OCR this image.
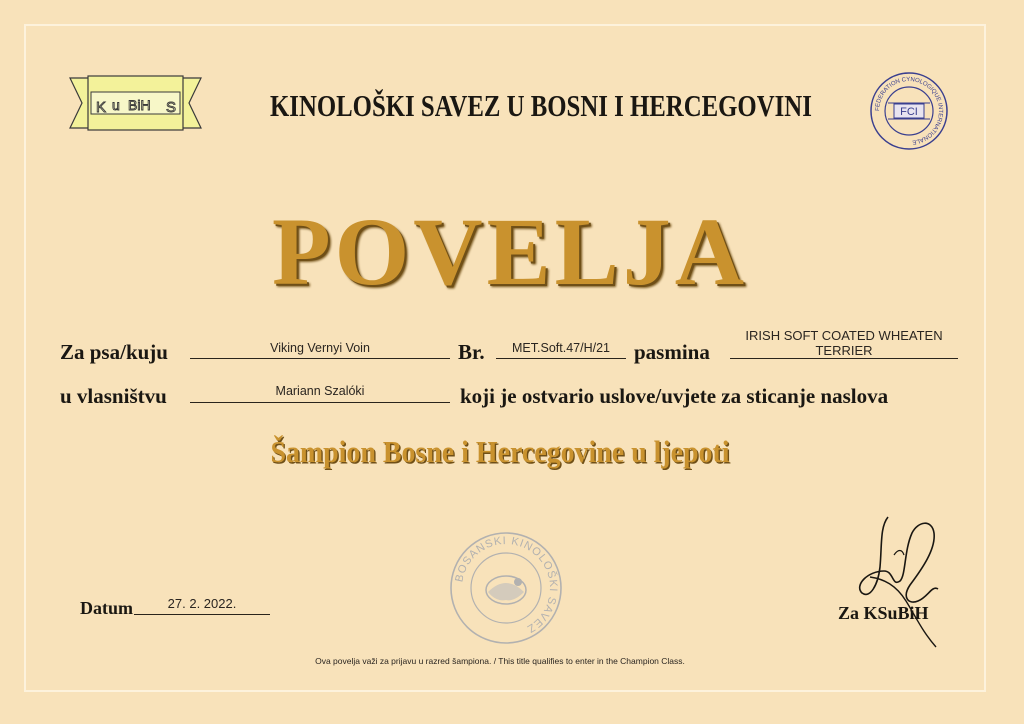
K u BiH S	KINOLOŠKI SAVEZ U BOSNI I HERCEGOVINI	FEDERATION CYNOLOGIQUE INTERNATIONALE
FCI
POVELJA
Za psa/kuju	Viking Vernyi Voin	Br.	MET.Soft.47/H/21	pasmina
IRISH SOFT COATED WHEATEN
TERRIER
u vlasništvu	Mariann Szalóki	koji je ostvario uslove/uvjete za sticanje naslova
Šampion Bosne i Hercegovine u ljepoti
BOSANSKI KINOLOŠKI SAVEZ
Datum	27. 2. 2022.	Za KSuBiH
Ova povelja važi za prijavu u razred šampiona. / This title qualifies to enter in the Champion Class.
